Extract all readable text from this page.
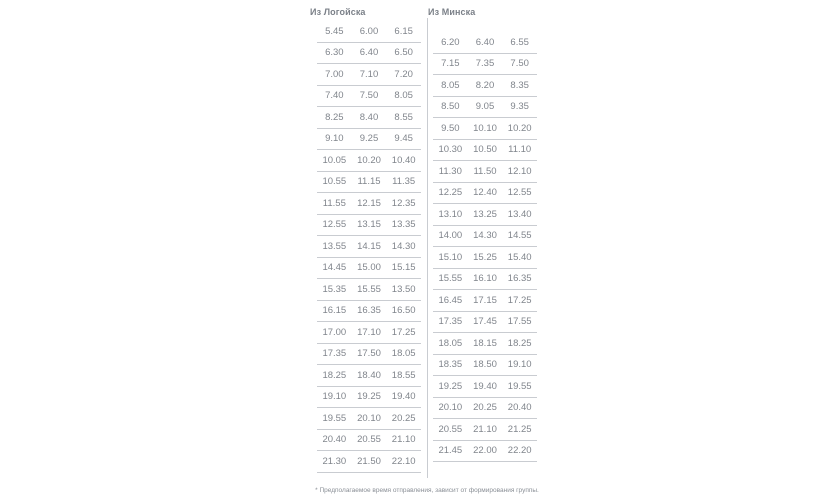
Из Логойска	Из Минска
5.45	6.00	6.15
6.30	6.40	6.50
7.00	7.10	7.20
7.40	7.50	8.05
8.25	8.40	8.55
9.10	9.25	9.45
10.05	10.20	10.40
10.55	11.15	11.35
11.55	12.15	12.35
12.55	13.15	13.35
13.55	14.15	14.30
14.45	15.00	15.15
15.35	15.55	13.50
16.15	16.35	16.50
17.00	17.10	17.25
17.35	17.50	18.05
18.25	18.40	18.55
19.10	19.25	19.40
19.55	20.10	20.25
20.40	20.55	21.10
21.30	21.50	22.10
6.20	6.40	6.55
7.15	7.35	7.50
8.05	8.20	8.35
8.50	9.05	9.35
9.50	10.10	10.20
10.30	10.50	11.10
11.30	11.50	12.10
12.25	12.40	12.55
13.10	13.25	13.40
14.00	14.30	14.55
15.10	15.25	15.40
15.55	16.10	16.35
16.45	17.15	17.25
17.35	17.45	17.55
18.05	18.15	18.25
18.35	18.50	19.10
19.25	19.40	19.55
20.10	20.25	20.40
20.55	21.10	21.25
21.45	22.00	22.20
* Предполагаемое время отправления, зависит от формирования группы.
